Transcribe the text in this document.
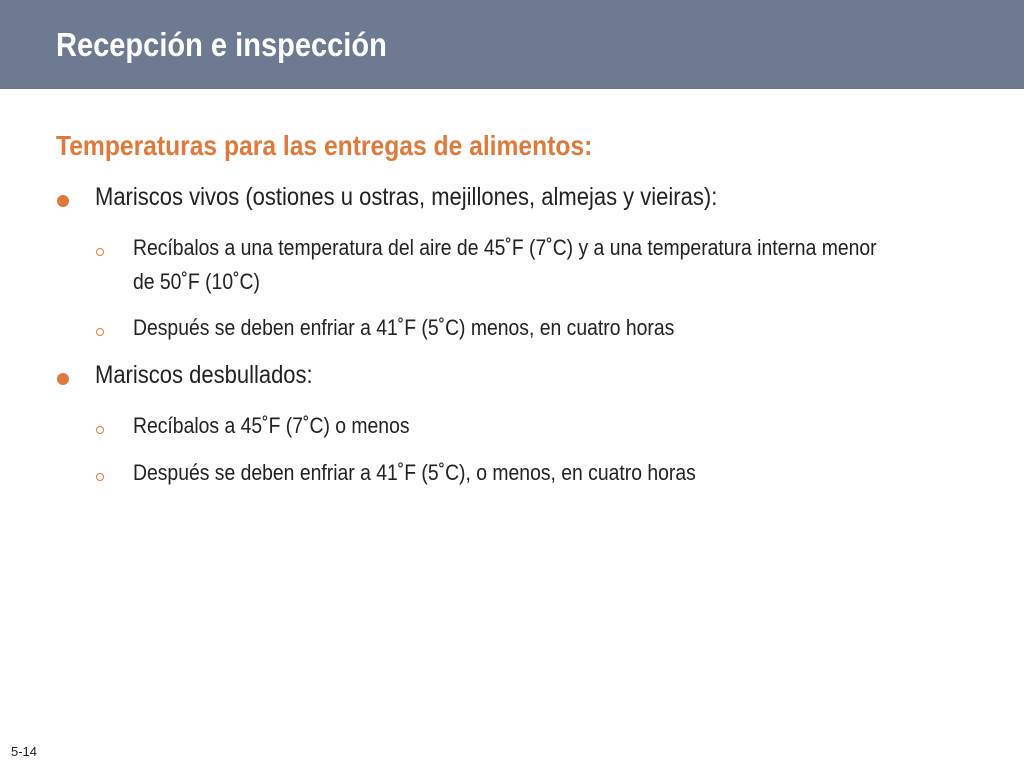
Recepción e inspección
Temperaturas para las entregas de alimentos:
Mariscos vivos (ostiones u ostras, mejillones, almejas y vieiras):
Recíbalos a una temperatura del aire de 45˚F (7˚C) y a una temperatura interna menor de 50˚F (10˚C)
Después se deben enfriar a 41˚F (5˚C) menos, en cuatro horas
Mariscos desbullados:
Recíbalos a 45˚F (7˚C) o menos
Después se deben enfriar a 41˚F (5˚C), o menos, en cuatro horas
5-14
